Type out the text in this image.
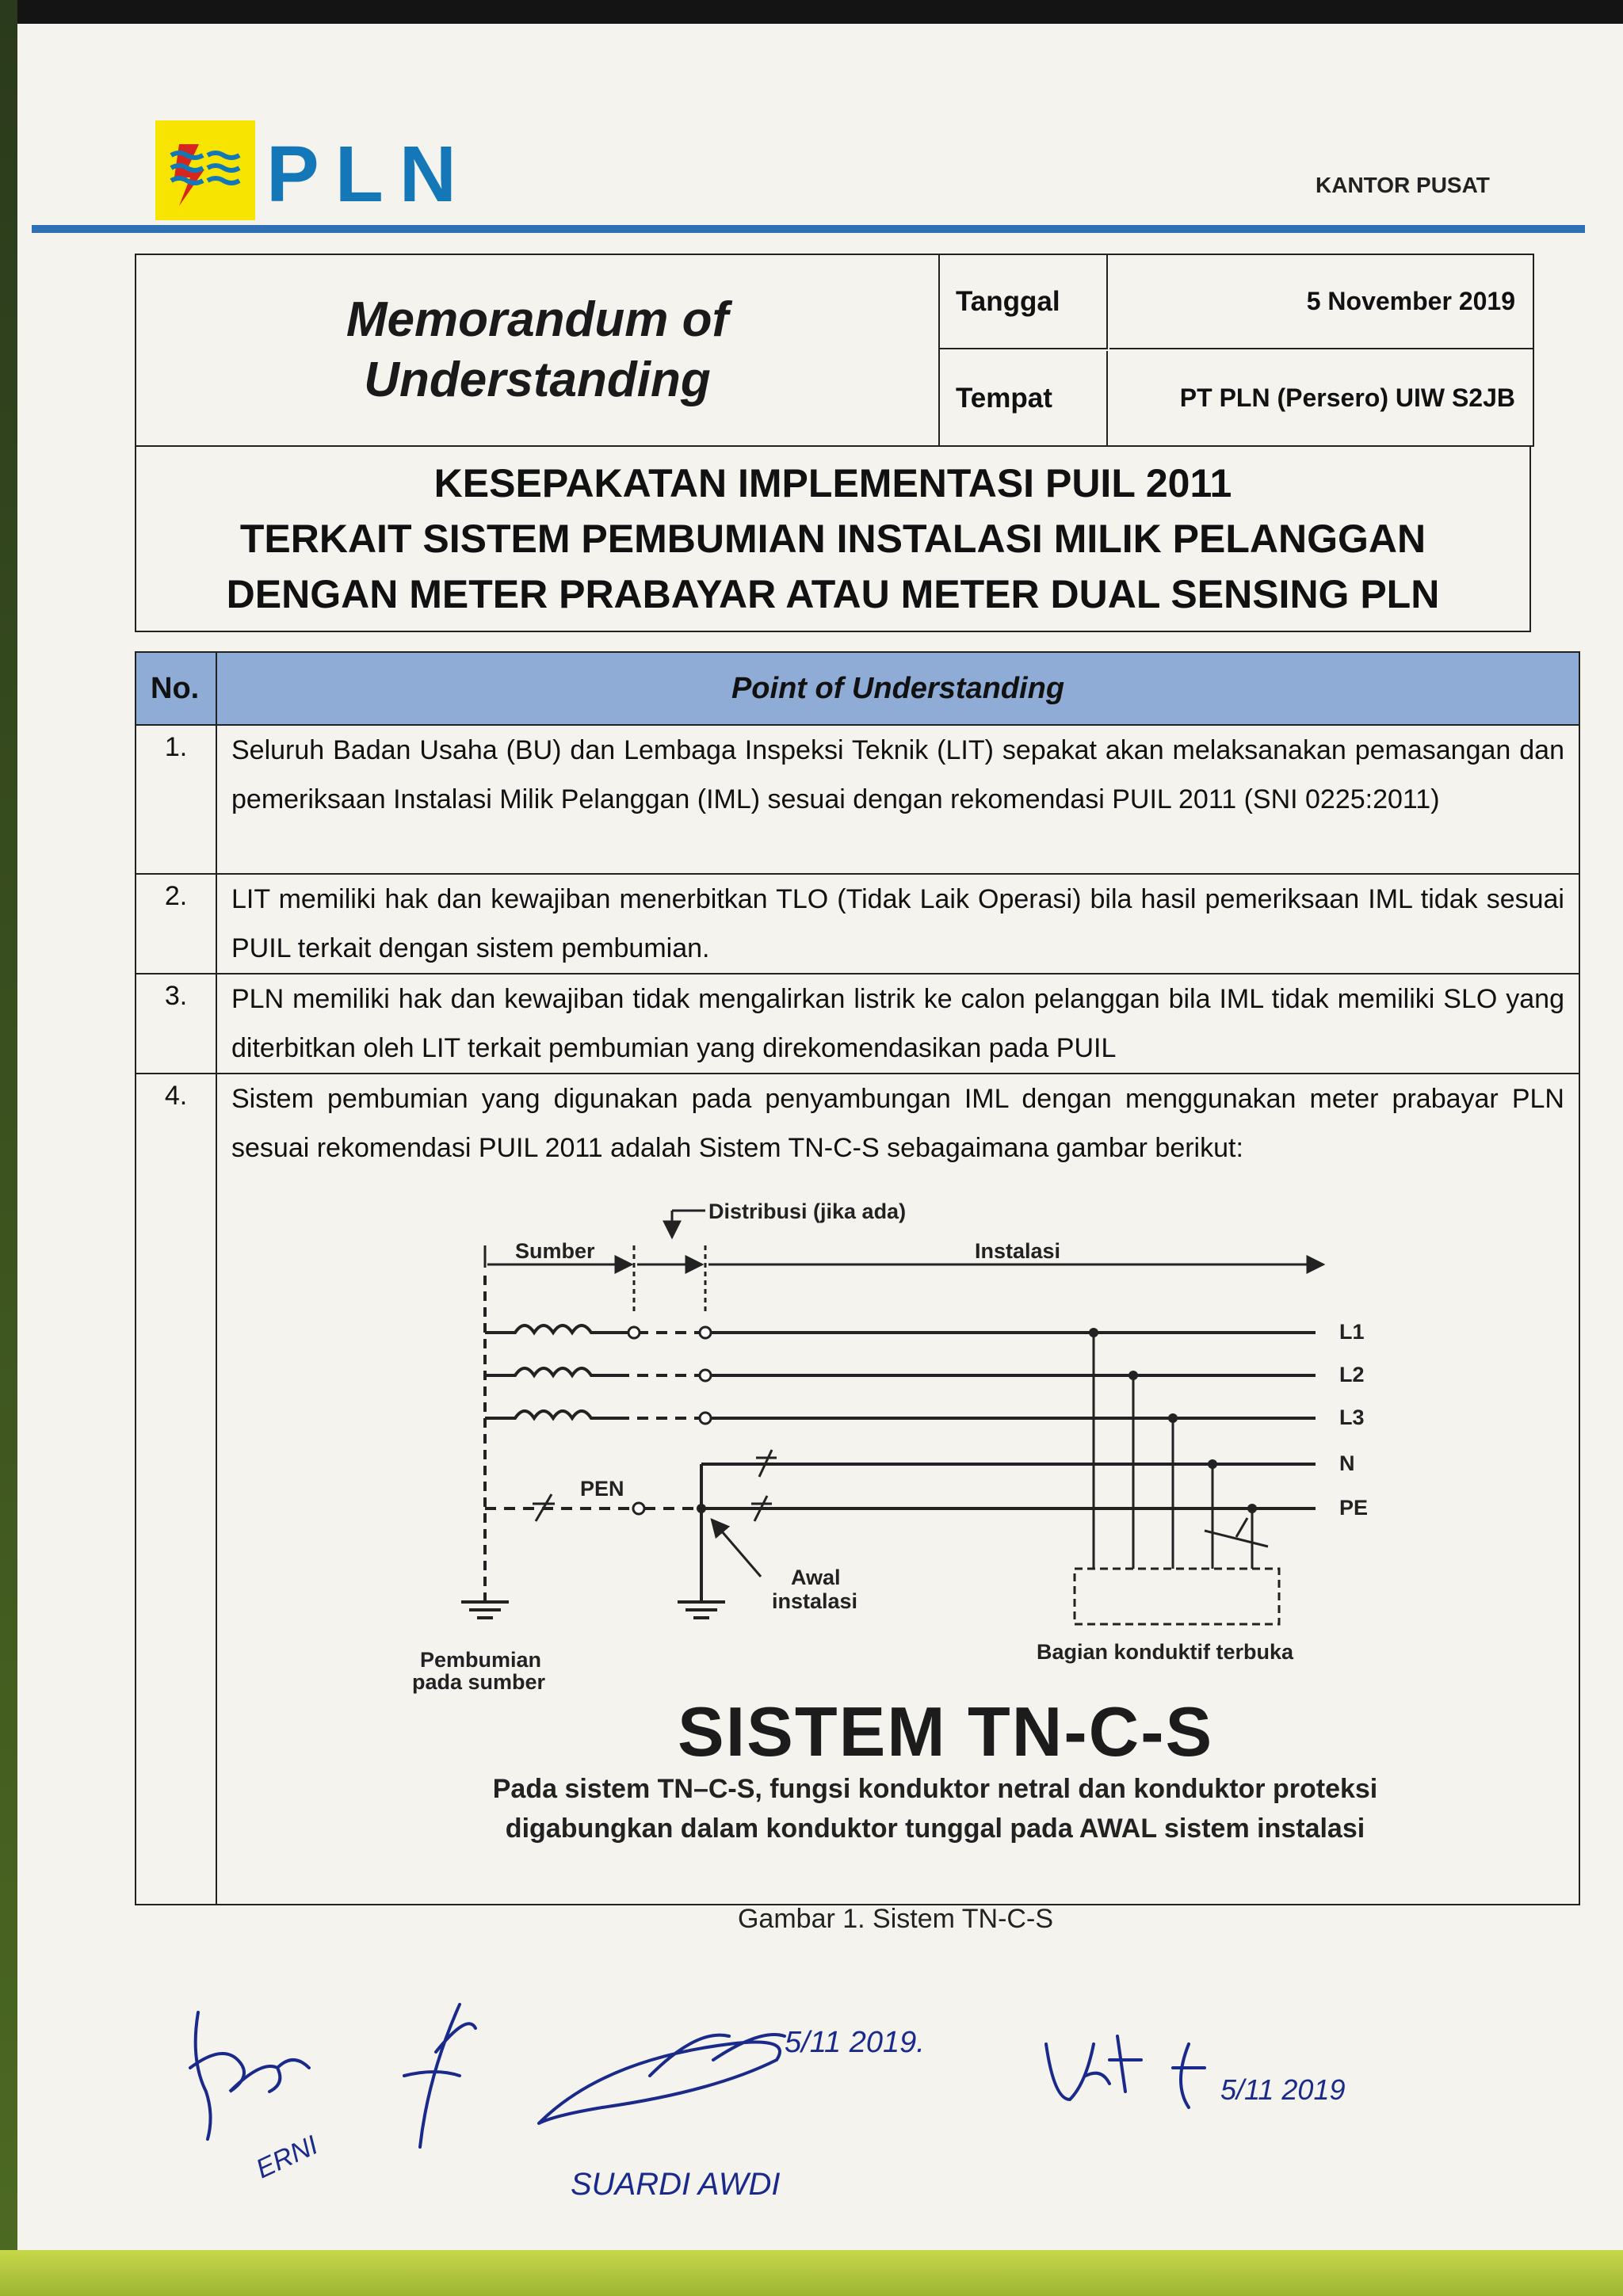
PLN	KANTOR PUSAT
Memorandum of
Understanding
Tanggal	5 November 2019
Tempat	PT PLN (Persero) UIW S2JB
KESEPAKATAN IMPLEMENTASI PUIL 2011
TERKAIT SISTEM PEMBUMIAN INSTALASI MILIK PELANGGAN
DENGAN METER PRABAYAR ATAU METER DUAL SENSING PLN
No.	Point of Understanding
1.	Seluruh Badan Usaha (BU) dan Lembaga Inspeksi Teknik (LIT) sepakat akan melaksanakan pemasangan dan pemeriksaan Instalasi Milik Pelanggan (IML) sesuai dengan rekomendasi PUIL 2011 (SNI 0225:2011)
2.	LIT memiliki hak dan kewajiban menerbitkan TLO (Tidak Laik Operasi) bila hasil pemeriksaan IML tidak sesuai PUIL terkait dengan sistem pembumian.
3.	PLN memiliki hak dan kewajiban tidak mengalirkan listrik ke calon pelanggan bila IML tidak memiliki SLO yang diterbitkan oleh LIT terkait pembumian yang direkomendasikan pada PUIL
4.	Sistem pembumian yang digunakan pada penyambungan IML dengan menggunakan meter prabayar PLN sesuai rekomendasi PUIL 2011 adalah Sistem TN-C-S sebagaimana gambar berikut:
Distribusi (jika ada)
Sumber	Instalasi
L1
L2
L3
PEN
N
PE
Bagian konduktif terbuka
Awal
instalasi
Pembumian
pada sumber
SISTEM TN-C-S
Pada sistem TN–C-S, fungsi konduktor netral dan konduktor proteksi
digabungkan dalam konduktor tunggal pada AWAL sistem instalasi
Gambar 1. Sistem TN-C-S
ERNI	SUARDI AWDI
5/11 2019.
5/11 2019
